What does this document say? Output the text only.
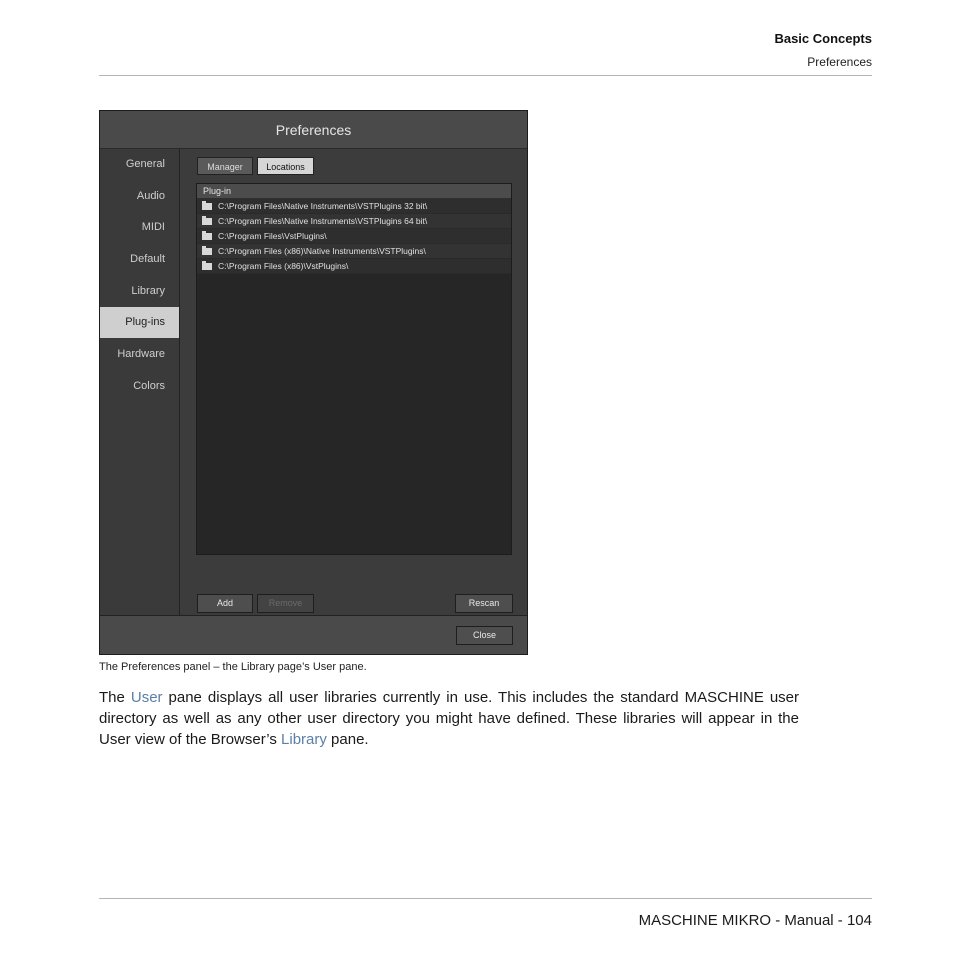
Basic Concepts
Preferences
Preferences
General
Audio
MIDI
Default
Library
Plug-ins
Hardware
Colors
Manager	Locations
Plug-in
C:\Program Files\Native Instruments\VSTPlugins 32 bit\
C:\Program Files\Native Instruments\VSTPlugins 64 bit\
C:\Program Files\VstPlugins\
C:\Program Files (x86)\Native Instruments\VSTPlugins\
C:\Program Files (x86)\VstPlugins\
Add	Remove	Rescan
Close
The Preferences panel – the Library page’s User pane.
The User pane displays all user libraries currently in use. This includes the standard MASCHINE user directory as well as any other user directory you might have defined. These libraries will appear in the User view of the Browser’s Library pane.
MASCHINE MIKRO - Manual - 104
